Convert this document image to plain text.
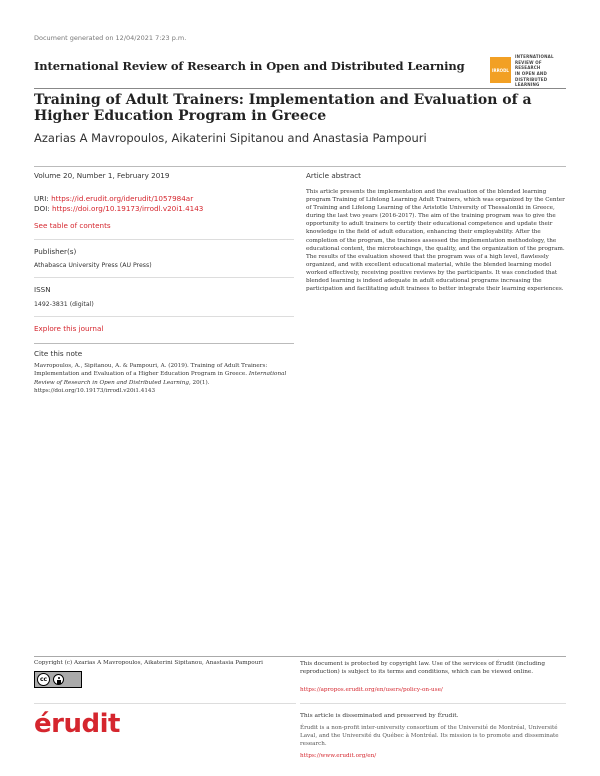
Document generated on 12/04/2021 7:23 p.m.
International Review of Research in Open and Distributed Learning	IRRODL
INTERNATIONAL
REVIEW OF RESEARCH
IN OPEN AND
DISTRIBUTED LEARNING
Training of Adult Trainers: Implementation and Evaluation of a Higher Education Program in Greece
Azarias A Mavropoulos, Aikaterini Sipitanou and Anastasia Pampouri
Volume 20, Number 1, February 2019
URI: https://id.erudit.org/iderudit/1057984ar
DOI: https://doi.org/10.19173/irrodl.v20i1.4143
See table of contents
Publisher(s)
Athabasca University Press (AU Press)
ISSN
1492-3831 (digital)
Explore this journal
Article abstract
This article presents the implementation and the evaluation of the blended learning program Training of Lifelong Learning Adult Trainers, which was organized by the Center of Training and Lifelong Learning of the Aristotle University of Thessaloniki in Greece, during the last two years (2016-2017). The aim of the training program was to give the opportunity to adult trainers to certify their educational competence and update their knowledge in the field of adult education, enhancing their employability. After the completion of the program, the trainees assessed the implementation methodology, the educational content, the microteachings, the quality, and the organization of the program. The results of the evaluation showed that the program was of a high level, flawlessly organized, and with excellent educational material, while the blended learning model worked effectively, receiving positive reviews by the participants. It was concluded that blended learning is indeed adequate in adult educational programs increasing the participation and facilitating adult trainees to better integrate their learning experiences.
Cite this note
Mavropoulos, A., Sipitanou, A. & Pampouri, A. (2019). Training of Adult Trainers: Implementation and Evaluation of a Higher Education Program in Greece. International Review of Research in Open and Distributed Learning, 20(1). https://doi.org/10.19173/irrodl.v20i1.4143
Copyright (c) Azarias A Mavropoulos, Aikaterini Sipitanou, Anastasia Pampouri
cc
This document is protected by copyright law. Use of the services of Érudit (including reproduction) is subject to its terms and conditions, which can be viewed online.
https://apropos.erudit.org/en/users/policy-on-use/
érudit	This article is disseminated and preserved by Érudit.
Érudit is a non-profit inter-university consortium of the Université de Montréal, Université Laval, and the Université du Québec à Montréal. Its mission is to promote and disseminate research.
https://www.erudit.org/en/
